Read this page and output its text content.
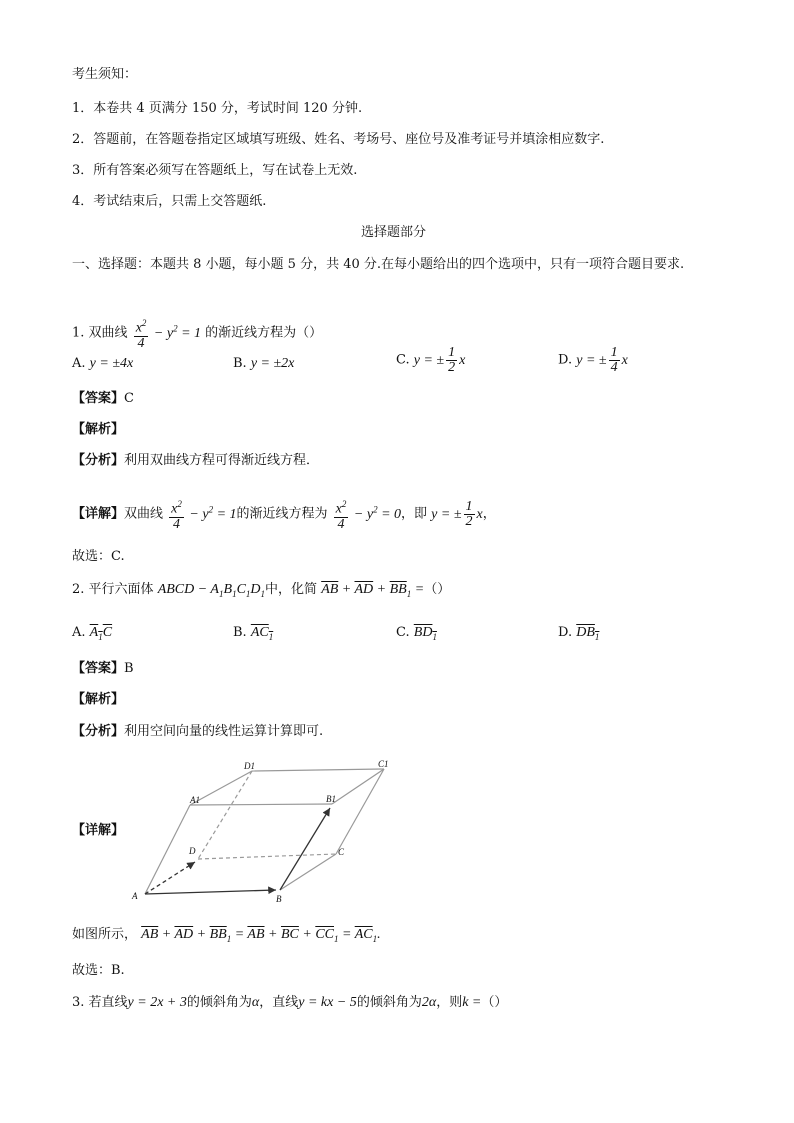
考生须知：
1．本卷共 4 页满分 150 分，考试时间 120 分钟.
2．答题前，在答题卷指定区域填写班级、姓名、考场号、座位号及准考证号并填涂相应数字.
3．所有答案必须写在答题纸上，写在试卷上无效.
4．考试结束后，只需上交答题纸.
选择题部分
一、选择题：本题共 8 小题，每小题 5 分，共 40 分.在每小题给出的四个选项中，只有一项符合题目要求.
1. 双曲线 $\frac{x^2}{4} - y^2 = 1$ 的渐近线方程为（）
A. y = ±4x	B. y = ±2x	C. y = ± $\frac{1}{2}$ x	D. y = ± $\frac{1}{4}$ x
【答案】C
【解析】
【分析】利用双曲线方程可得渐近线方程．
【详解】双曲线 $\frac{x^2}{4} - y^2 = 1$的渐近线方程为 $\frac{x^2}{4} - y^2 = 0$，即 y = ± $\frac{1}{2}$ x，
故选：C.
2. 平行六面体 ABCD − $A_1B_1C_1D_1$中，化简 $\overline{AB} + \overline{AD} + \overline{BB}_1$ =（）
A. $A_1C$	B. $AC_1$	C. $BD_1$	D. $DB_1$
【答案】B
【解析】
【分析】利用空间向量的线性运算计算即可.
【详解】
D1	C1
A1	B1
D	C
A	B
如图所示， $\overline{AB} + \overline{AD} + \overline{BB}_1 = \overline{AB} + \overline{BC} + \overline{CC}_1 = \overline{AC}_1$.
故选：B.
3. 若直线y = 2x + 3的倾斜角为α，直线y = kx − 5的倾斜角为2α，则k =（）
